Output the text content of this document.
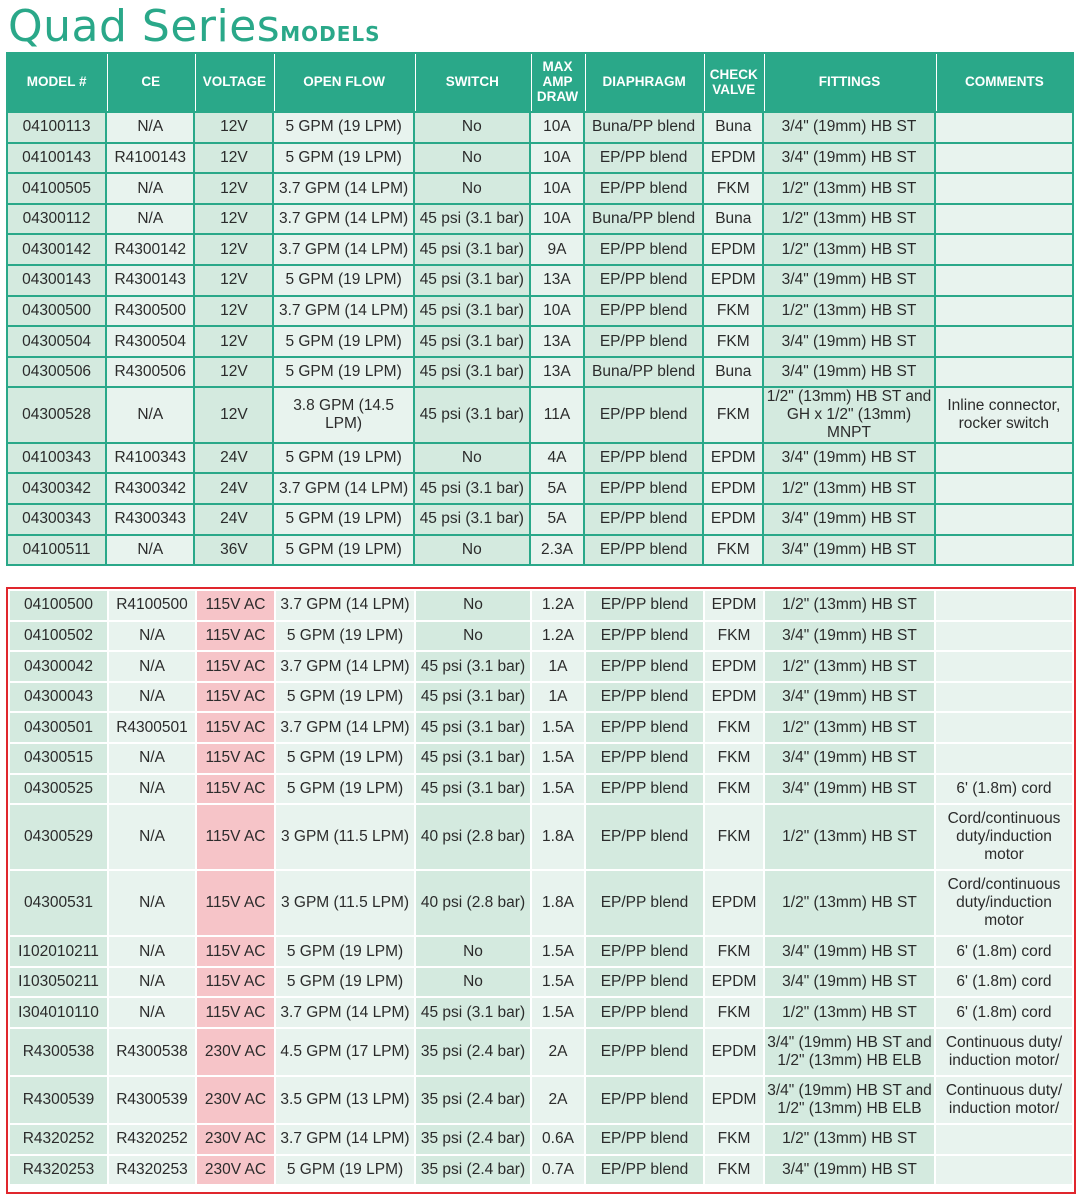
Quad SeriesMODELS
MODEL #	CE	VOLTAGE	OPEN FLOW	SWITCH	MAX AMP DRAW	DIAPHRAGM	CHECK VALVE	FITTINGS	COMMENTS
04100113	N/A	12V	5 GPM (19 LPM)	No	10A	Buna/PP blend	Buna	3/4" (19mm) HB ST	
04100143	R4100143	12V	5 GPM (19 LPM)	No	10A	EP/PP blend	EPDM	3/4" (19mm) HB ST	
04100505	N/A	12V	3.7 GPM (14 LPM)	No	10A	EP/PP blend	FKM	1/2" (13mm) HB ST	
04300112	N/A	12V	3.7 GPM (14 LPM)	45 psi (3.1 bar)	10A	Buna/PP blend	Buna	1/2" (13mm) HB ST	
04300142	R4300142	12V	3.7 GPM (14 LPM)	45 psi (3.1 bar)	9A	EP/PP blend	EPDM	1/2" (13mm) HB ST	
04300143	R4300143	12V	5 GPM (19 LPM)	45 psi (3.1 bar)	13A	EP/PP blend	EPDM	3/4" (19mm) HB ST	
04300500	R4300500	12V	3.7 GPM (14 LPM)	45 psi (3.1 bar)	10A	EP/PP blend	FKM	1/2" (13mm) HB ST	
04300504	R4300504	12V	5 GPM (19 LPM)	45 psi (3.1 bar)	13A	EP/PP blend	FKM	3/4" (19mm) HB ST	
04300506	R4300506	12V	5 GPM (19 LPM)	45 psi (3.1 bar)	13A	Buna/PP blend	Buna	3/4" (19mm) HB ST	
04300528	N/A	12V	3.8 GPM (14.5 LPM)	45 psi (3.1 bar)	11A	EP/PP blend	FKM	1/2" (13mm) HB ST and GH x 1/2" (13mm) MNPT	Inline connector, rocker switch
04100343	R4100343	24V	5 GPM (19 LPM)	No	4A	EP/PP blend	EPDM	3/4" (19mm) HB ST	
04300342	R4300342	24V	3.7 GPM (14 LPM)	45 psi (3.1 bar)	5A	EP/PP blend	EPDM	1/2" (13mm) HB ST	
04300343	R4300343	24V	5 GPM (19 LPM)	45 psi (3.1 bar)	5A	EP/PP blend	EPDM	3/4" (19mm) HB ST	
04100511	N/A	36V	5 GPM (19 LPM)	No	2.3A	EP/PP blend	FKM	3/4" (19mm) HB ST	
04100500	R4100500	115V AC	3.7 GPM (14 LPM)	No	1.2A	EP/PP blend	EPDM	1/2" (13mm) HB ST	
04100502	N/A	115V AC	5 GPM (19 LPM)	No	1.2A	EP/PP blend	FKM	3/4" (19mm) HB ST	
04300042	N/A	115V AC	3.7 GPM (14 LPM)	45 psi (3.1 bar)	1A	EP/PP blend	EPDM	1/2" (13mm) HB ST	
04300043	N/A	115V AC	5 GPM (19 LPM)	45 psi (3.1 bar)	1A	EP/PP blend	EPDM	3/4" (19mm) HB ST	
04300501	R4300501	115V AC	3.7 GPM (14 LPM)	45 psi (3.1 bar)	1.5A	EP/PP blend	FKM	1/2" (13mm) HB ST	
04300515	N/A	115V AC	5 GPM (19 LPM)	45 psi (3.1 bar)	1.5A	EP/PP blend	FKM	3/4" (19mm) HB ST	
04300525	N/A	115V AC	5 GPM (19 LPM)	45 psi (3.1 bar)	1.5A	EP/PP blend	FKM	3/4" (19mm) HB ST	6' (1.8m) cord
04300529	N/A	115V AC	3 GPM (11.5 LPM)	40 psi (2.8 bar)	1.8A	EP/PP blend	FKM	1/2" (13mm) HB ST	Cord/continuous duty/induction motor
04300531	N/A	115V AC	3 GPM (11.5 LPM)	40 psi (2.8 bar)	1.8A	EP/PP blend	EPDM	1/2" (13mm) HB ST	Cord/continuous duty/induction motor
I102010211	N/A	115V AC	5 GPM (19 LPM)	No	1.5A	EP/PP blend	FKM	3/4" (19mm) HB ST	6' (1.8m) cord
I103050211	N/A	115V AC	5 GPM (19 LPM)	No	1.5A	EP/PP blend	EPDM	3/4" (19mm) HB ST	6' (1.8m) cord
I304010110	N/A	115V AC	3.7 GPM (14 LPM)	45 psi (3.1 bar)	1.5A	EP/PP blend	FKM	1/2" (13mm) HB ST	6' (1.8m) cord
R4300538	R4300538	230V AC	4.5 GPM (17 LPM)	35 psi (2.4 bar)	2A	EP/PP blend	EPDM	3/4" (19mm) HB ST and 1/2" (13mm) HB ELB	Continuous duty/ induction motor/
R4300539	R4300539	230V AC	3.5 GPM (13 LPM)	35 psi (2.4 bar)	2A	EP/PP blend	EPDM	3/4" (19mm) HB ST and 1/2" (13mm) HB ELB	Continuous duty/ induction motor/
R4320252	R4320252	230V AC	3.7 GPM (14 LPM)	35 psi (2.4 bar)	0.6A	EP/PP blend	FKM	1/2" (13mm) HB ST	
R4320253	R4320253	230V AC	5 GPM (19 LPM)	35 psi (2.4 bar)	0.7A	EP/PP blend	FKM	3/4" (19mm) HB ST	
